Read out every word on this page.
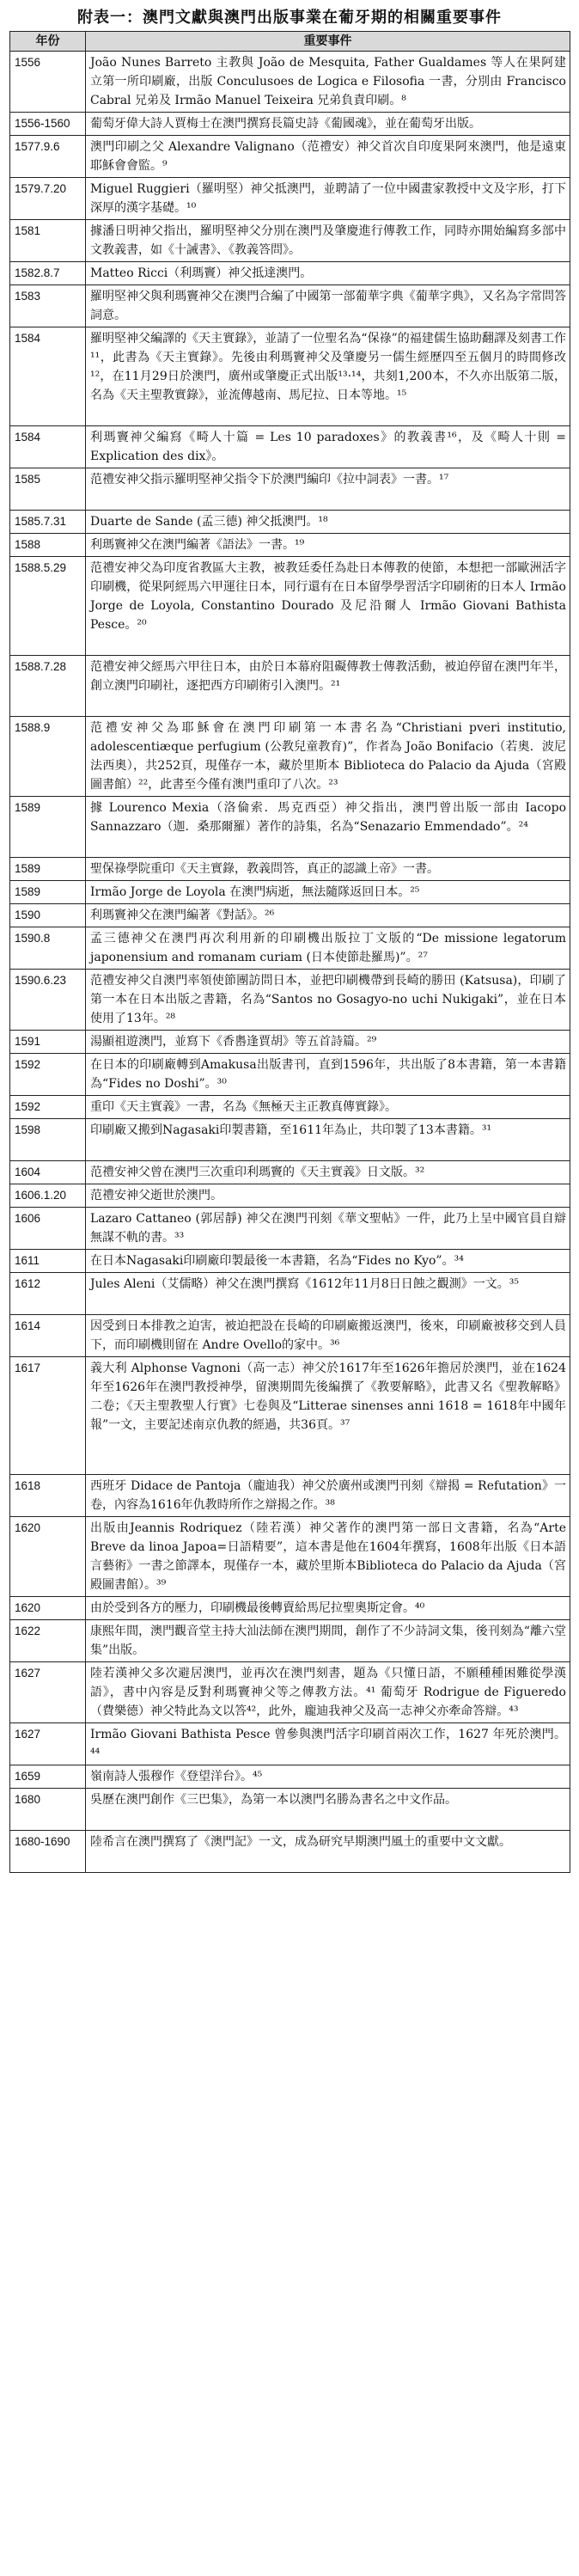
附表一：澳門文獻與澳門出版事業在葡牙期的相關重要事件
年份	重要事件
1556	João Nunes Barreto 主教與 João de Mesquita, Father Gualdames 等人在果阿建立第一所印刷廠，出版 Conculusoes de Logica e Filosofia 一書，分別由 Francisco Cabral 兄弟及 Irmão Manuel Teixeira 兄弟負責印刷。⁸
1556-1560	葡萄牙偉大詩人賈梅士在澳門撰寫長篇史詩《葡國魂》，並在葡萄牙出版。
1577.9.6	澳門印刷之父 Alexandre Valignano（范禮安）神父首次自印度果阿來澳門，他是遠東耶穌會會監。⁹
1579.7.20	Miguel Ruggieri（羅明堅）神父抵澳門，並聘請了一位中國畫家教授中文及字形，打下深厚的漢字基礎。¹⁰
1581	據潘日明神父指出，羅明堅神父分別在澳門及肇慶進行傳教工作，同時亦開始編寫多部中文教義書，如《十誡書》、《教義答問》。
1582.8.7	Matteo Ricci（利瑪竇）神父抵達澳門。
1583	羅明堅神父與利瑪竇神父在澳門合編了中國第一部葡華字典《葡華字典》，又名為字常問答詞意。
1584	羅明堅神父編譯的《天主實錄》，並請了一位聖名為“保祿”的福建儒生協助翻譯及刻書工作¹¹，此書為《天主實錄》。先後由利瑪竇神父及肇慶另一儒生經歷四至五個月的時間修改¹²，在11月29日於澳門，廣州或肇慶正式出版¹³·¹⁴，共刻1,200本，不久亦出版第二版，名為《天主聖教實錄》，並流傳越南、馬尼拉、日本等地。¹⁵
1584	利瑪竇神父編寫《畸人十篇 = Les 10 paradoxes》的教義書¹⁶，及《畸人十則 = Explication des dix》。
1585	范禮安神父指示羅明堅神父指令下於澳門編印《拉中詞表》一書。¹⁷
1585.7.31	Duarte de Sande (孟三德) 神父抵澳門。¹⁸
1588	利瑪竇神父在澳門編著《語法》一書。¹⁹
1588.5.29	范禮安神父為印度省教區大主教，被教廷委任為赴日本傳教的使節，本想把一部歐洲活字印刷機，從果阿經馬六甲運往日本，同行還有在日本留學學習活字印刷術的日本人 Irmão Jorge de Loyola, Constantino Dourado 及尼沿爾人 Irmão Giovani Bathista Pesce。²⁰
1588.7.28	范禮安神父經馬六甲往日本，由於日本幕府阻礙傳教士傳教活動，被迫停留在澳門年半，創立澳門印刷社，逐把西方印刷術引入澳門。²¹
1588.9	范禮安神父為耶穌會在澳門印刷第一本書名為“Christiani pveri institutio, adolescentiæque perfugium (公教兒童教育)”，作者為 João Bonifacio（若奧．波尼法西奧），共252頁，現僅存一本，藏於里斯本 Biblioteca do Palacio da Ajuda（宮殿圖書館）²²，此書至今僅有澳門重印了八次。²³
1589	據 Lourenco Mexia（洛倫索．馬克西亞）神父指出，澳門曾出版一部由 Iacopo Sannazzaro（迦．桑那爾羅）著作的詩集，名為“Senazario Emmendado”。²⁴
1589	聖保祿學院重印《天主實錄，教義問答，真正的認識上帝》一書。
1589	Irmão Jorge de Loyola 在澳門病逝，無法隨隊返回日本。²⁵
1590	利瑪竇神父在澳門編著《對話》。²⁶
1590.8	孟三德神父在澳門再次利用新的印刷機出版拉丁文版的“De missione legatorum japonensium and romanam curiam (日本使節赴羅馬)”。²⁷
1590.6.23	范禮安神父自澳門率領使節團訪問日本，並把印刷機帶到長崎的勝田 (Katsusa)，印刷了第一本在日本出版之書籍，名為“Santos no Gosagyo-no uchi Nukigaki”，並在日本使用了13年。²⁸
1591	湯顯祖遊澳門，並寫下《香嶴逢賈胡》等五首詩篇。²⁹
1592	在日本的印刷廠轉到Amakusa出版書刊，直到1596年，共出版了8本書籍，第一本書籍為“Fides no Doshi”。³⁰
1592	重印《天主實義》一書，名為《無極天主正教真傳實錄》。
1598	印刷廠又搬到Nagasaki印製書籍，至1611年為止，共印製了13本書籍。³¹
1604	范禮安神父曾在澳門三次重印利瑪竇的《天主實義》日文版。³²
1606.1.20	范禮安神父逝世於澳門。
1606	Lazaro Cattaneo (郭居靜) 神父在澳門刊刻《華文聖帖》一件，此乃上呈中國官員自辯無謀不軌的書。³³
1611	在日本Nagasaki印刷廠印製最後一本書籍，名為“Fides no Kyo”。³⁴
1612	Jules Aleni（艾儒略）神父在澳門撰寫《1612年11月8日日蝕之觀測》一文。³⁵
1614	因受到日本排教之迫害，被迫把設在長崎的印刷廠搬返澳門，後來，印刷廠被移交到人員下，而印刷機則留在 Andre Ovello的家中。³⁶
1617	義大利 Alphonse Vagnoni（高一志）神父於1617年至1626年擔居於澳門，並在1624年至1626年在澳門教授神學，留澳期間先後編撰了《教要解略》，此書又名《聖教解略》二卷；《天主聖教聖人行實》七卷與及“Litterae sinenses anni 1618 = 1618年中國年報”一文，主要記述南京仇教的經過，共36頁。³⁷
1618	西班牙 Didace de Pantoja（龐迪我）神父於廣州或澳門刊刻《辯揭 = Refutation》一卷，內容為1616年仇教時所作之辯揭之作。³⁸
1620	出版由Jeannis Rodriquez（陸若漢）神父著作的澳門第一部日文書籍，名為“Arte Breve da linoa Japoa=日語精要”，這本書是他在1604年撰寫，1608年出版《日本語言藝術》一書之節譯本，現僅存一本，藏於里斯本Biblioteca do Palacio da Ajuda（宮殿圖書館）。³⁹
1620	由於受到各方的壓力，印刷機最後轉賣給馬尼拉聖奧斯定會。⁴⁰
1622	康熙年間，澳門觀音堂主持大汕法師在澳門期間，創作了不少詩詞文集，後刊刻為“離六堂集”出版。
1627	陸若漢神父多次避居澳門，並再次在澳門刻書，題為《只懂日語，不願種種困難從學漢語》，書中內容是反對利瑪竇神父等之傳教方法。⁴¹ 葡萄牙 Rodrigue de Figueredo（費樂德）神父特此為文以答⁴²，此外，龐迪我神父及高一志神父亦牽命答辯。⁴³
1627	Irmão Giovani Bathista Pesce 曾參與澳門活字印刷首兩次工作，1627 年死於澳門。⁴⁴
1659	嶺南詩人張穆作《登望洋台》。⁴⁵
1680	吳歷在澳門創作《三巴集》，為第一本以澳門名勝為書名之中文作品。
1680-1690	陸希言在澳門撰寫了《澳門記》一文，成為研究早期澳門風土的重要中文文獻。
